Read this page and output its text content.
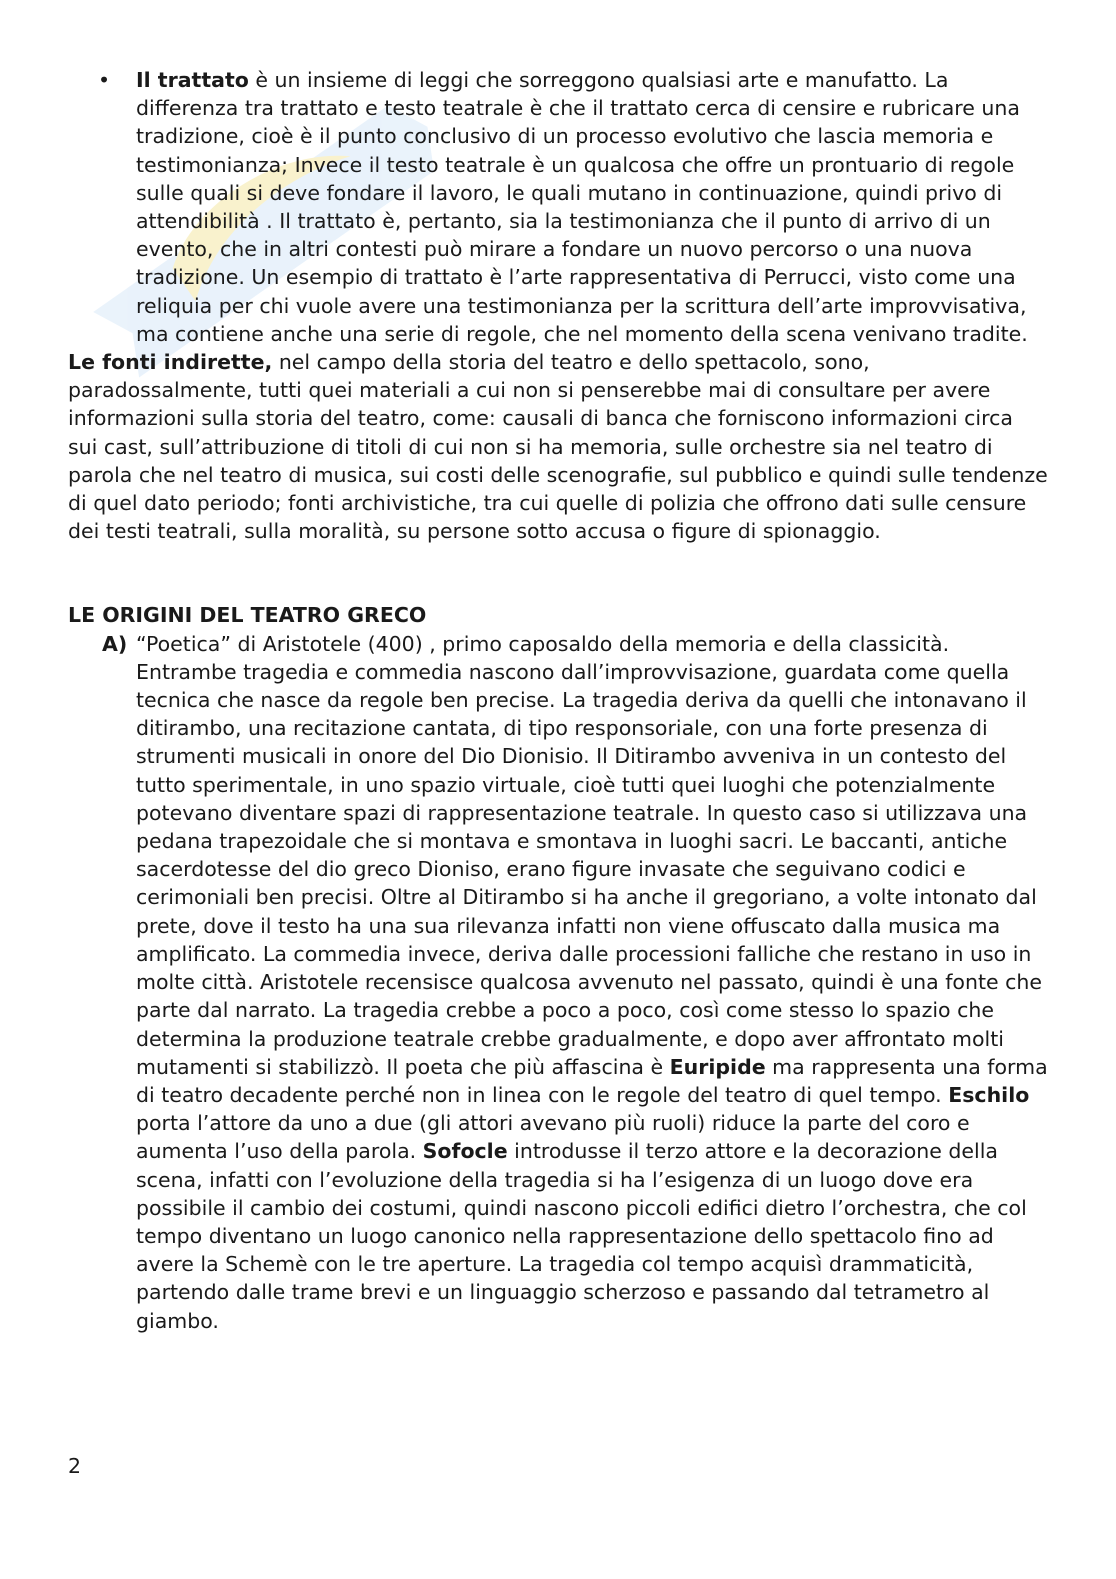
• Il trattato è un insieme di leggi che sorreggono qualsiasi arte e manufatto. La differenza tra trattato e testo teatrale è che il trattato cerca di censire e rubricare una tradizione, cioè è il punto conclusivo di un processo evolutivo che lascia memoria e testimonianza; Invece il testo teatrale è un qualcosa che offre un prontuario di regole sulle quali si deve fondare il lavoro, le quali mutano in continuazione, quindi privo di attendibilità . Il trattato è, pertanto, sia la testimonianza che il punto di arrivo di un evento, che in altri contesti può mirare a fondare un nuovo percorso o una nuova tradizione. Un esempio di trattato è l’arte rappresentativa di Perrucci, visto come una reliquia per chi vuole avere una testimonianza per la scrittura dell’arte improvvisativa, ma contiene anche una serie di regole, che nel momento della scena venivano tradite.

Le fonti indirette, nel campo della storia del teatro e dello spettacolo, sono, paradossalmente, tutti quei materiali a cui non si penserebbe mai di consultare per avere informazioni sulla storia del teatro, come: causali di banca che forniscono informazioni circa sui cast, sull’attribuzione di titoli di cui non si ha memoria, sulle orchestre sia nel teatro di parola che nel teatro di musica, sui costi delle scenografie, sul pubblico e quindi sulle tendenze di quel dato periodo; fonti archivistiche, tra cui quelle di polizia che offrono dati sulle censure dei testi teatrali, sulla moralità, su persone sotto accusa o figure di spionaggio.

LE ORIGINI DEL TEATRO GRECO

A) “Poetica” di Aristotele (400) , primo caposaldo della memoria e della classicità. Entrambe tragedia e commedia nascono dall’improvvisazione, guardata come quella tecnica che nasce da regole ben precise. La tragedia deriva da quelli che intonavano il ditirambo, una recitazione cantata, di tipo responsoriale, con una forte presenza di strumenti musicali in onore del Dio Dionisio. Il Ditirambo avveniva in un contesto del tutto sperimentale, in uno spazio virtuale, cioè tutti quei luoghi che potenzialmente potevano diventare spazi di rappresentazione teatrale. In questo caso si utilizzava una pedana trapezoidale che si montava e smontava in luoghi sacri. Le baccanti, antiche sacerdotesse del dio greco Dioniso, erano figure invasate che seguivano codici e cerimoniali ben precisi. Oltre al Ditirambo si ha anche il gregoriano, a volte intonato dal prete, dove il testo ha una sua rilevanza infatti non viene offuscato dalla musica ma amplificato. La commedia invece, deriva dalle processioni falliche che restano in uso in molte città. Aristotele recensisce qualcosa avvenuto nel passato, quindi è una fonte che parte dal narrato. La tragedia crebbe a poco a poco, così come stesso lo spazio che determina la produzione teatrale crebbe gradualmente, e dopo aver affrontato molti mutamenti si stabilizzò. Il poeta che più affascina è Euripide ma rappresenta una forma di teatro decadente perché non in linea con le regole del teatro di quel tempo. Eschilo porta l’attore da uno a due (gli attori avevano più ruoli) riduce la parte del coro e aumenta l’uso della parola. Sofocle introdusse il terzo attore e la decorazione della scena, infatti con l’evoluzione della tragedia si ha l’esigenza di un luogo dove era possibile il cambio dei costumi, quindi nascono piccoli edifici dietro l’orchestra, che col tempo diventano un luogo canonico nella rappresentazione dello spettacolo fino ad avere la Schemè con le tre aperture. La tragedia col tempo acquisì drammaticità, partendo dalle trame brevi e un linguaggio scherzoso e passando dal tetrametro al giambo.

2
